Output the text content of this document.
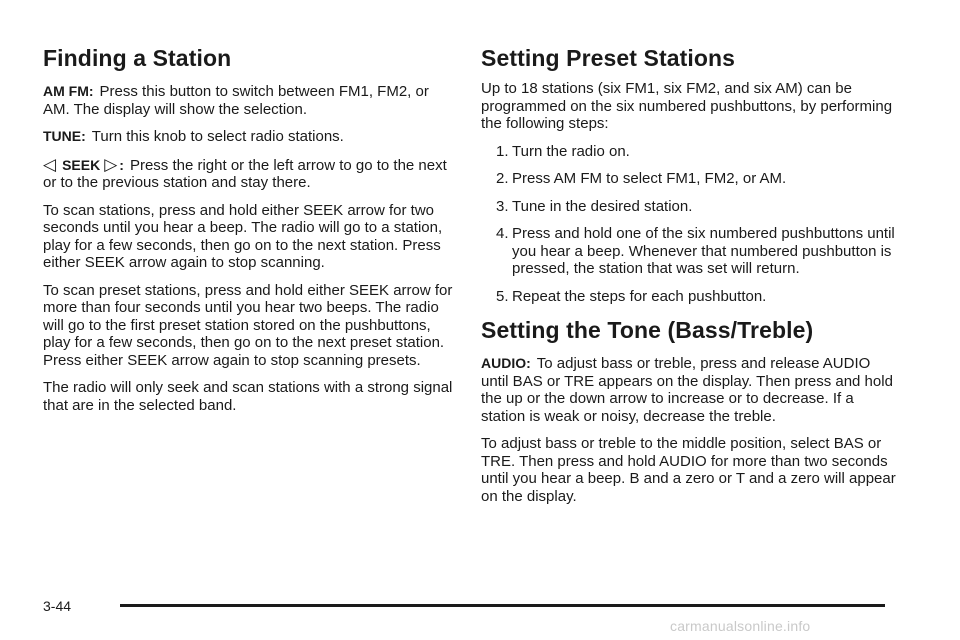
Finding a Station

AM FM: Press this button to switch between FM1, FM2, or AM. The display will show the selection.

TUNE: Turn this knob to select radio stations.

◁ SEEK ▷ : Press the right or the left arrow to go to the next or to the previous station and stay there.

To scan stations, press and hold either SEEK arrow for two seconds until you hear a beep. The radio will go to a station, play for a few seconds, then go on to the next station. Press either SEEK arrow again to stop scanning.

To scan preset stations, press and hold either SEEK arrow for more than four seconds until you hear two beeps. The radio will go to the first preset station stored on the pushbuttons, play for a few seconds, then go on to the next preset station. Press either SEEK arrow again to stop scanning presets.

The radio will only seek and scan stations with a strong signal that are in the selected band.

Setting Preset Stations

Up to 18 stations (six FM1, six FM2, and six AM) can be programmed on the six numbered pushbuttons, by performing the following steps:

1. Turn the radio on.
2. Press AM FM to select FM1, FM2, or AM.
3. Tune in the desired station.
4. Press and hold one of the six numbered pushbuttons until you hear a beep. Whenever that numbered pushbutton is pressed, the station that was set will return.
5. Repeat the steps for each pushbutton.
Setting the Tone (Bass/Treble)

AUDIO: To adjust bass or treble, press and release AUDIO until BAS or TRE appears on the display. Then press and hold the up or the down arrow to increase or to decrease. If a station is weak or noisy, decrease the treble.

To adjust bass or treble to the middle position, select BAS or TRE. Then press and hold AUDIO for more than two seconds until you hear a beep. B and a zero or T and a zero will appear on the display.

3-44
carmanualsonline.info
